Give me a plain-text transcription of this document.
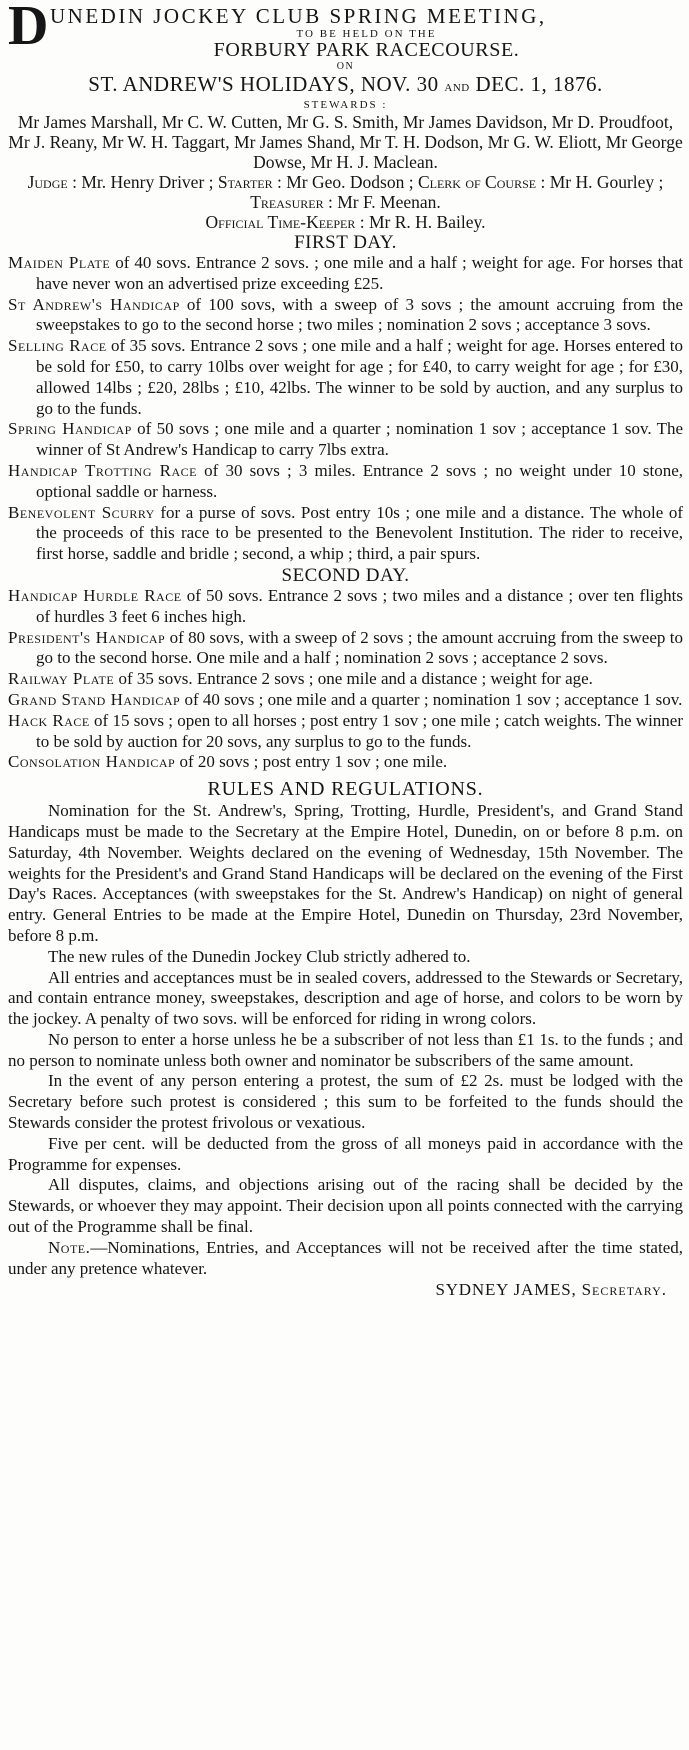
D UNEDIN JOCKEY CLUB SPRING MEETING,
TO BE HELD ON THE
FORBURY PARK RACECOURSE.
ON
ST. ANDREW'S HOLIDAYS, NOV. 30 and DEC. 1, 1876.
STEWARDS :
Mr James Marshall, Mr C. W. Cutten, Mr G. S. Smith, Mr James Davidson, Mr D. Proudfoot, Mr J. Reany, Mr W. H. Taggart, Mr James Shand, Mr T. H. Dodson, Mr G. W. Eliott, Mr George Dowse, Mr H. J. Maclean.
Judge : Mr. Henry Driver ; Starter : Mr Geo. Dodson ; Clerk of Course : Mr H. Gourley ; Treasurer : Mr F. Meenan.
Official Time-Keeper : Mr R. H. Bailey.
FIRST DAY.

Maiden Plate of 40 sovs. Entrance 2 sovs. ; one mile and a half ; weight for age. For horses that have never won an advertised prize exceeding £25.

St Andrew's Handicap of 100 sovs, with a sweep of 3 sovs ; the amount accruing from the sweepstakes to go to the second horse ; two miles ; nomination 2 sovs ; acceptance 3 sovs.

Selling Race of 35 sovs. Entrance 2 sovs ; one mile and a half ; weight for age. Horses entered to be sold for £50, to carry 10lbs over weight for age ; for £40, to carry weight for age ; for £30, allowed 14lbs ; £20, 28lbs ; £10, 42lbs. The winner to be sold by auction, and any surplus to go to the funds.

Spring Handicap of 50 sovs ; one mile and a quarter ; nomination 1 sov ; acceptance 1 sov. The winner of St Andrew's Handicap to carry 7lbs extra.

Handicap Trotting Race of 30 sovs ; 3 miles. Entrance 2 sovs ; no weight under 10 stone, optional saddle or harness.

Benevolent Scurry for a purse of sovs. Post entry 10s ; one mile and a distance. The whole of the proceeds of this race to be presented to the Benevolent Institution. The rider to receive, first horse, saddle and bridle ; second, a whip ; third, a pair spurs.

SECOND DAY.

Handicap Hurdle Race of 50 sovs. Entrance 2 sovs ; two miles and a distance ; over ten flights of hurdles 3 feet 6 inches high.

President's Handicap of 80 sovs, with a sweep of 2 sovs ; the amount accruing from the sweep to go to the second horse. One mile and a half ; nomination 2 sovs ; acceptance 2 sovs.

Railway Plate of 35 sovs. Entrance 2 sovs ; one mile and a distance ; weight for age.

Grand Stand Handicap of 40 sovs ; one mile and a quarter ; nomination 1 sov ; acceptance 1 sov.

Hack Race of 15 sovs ; open to all horses ; post entry 1 sov ; one mile ; catch weights. The winner to be sold by auction for 20 sovs, any surplus to go to the funds.

Consolation Handicap of 20 sovs ; post entry 1 sov ; one mile.

RULES AND REGULATIONS.

Nomination for the St. Andrew's, Spring, Trotting, Hurdle, President's, and Grand Stand Handicaps must be made to the Secretary at the Empire Hotel, Dunedin, on or before 8 p.m. on Saturday, 4th November. Weights declared on the evening of Wednesday, 15th November. The weights for the President's and Grand Stand Handicaps will be declared on the evening of the First Day's Races. Acceptances (with sweepstakes for the St. Andrew's Handicap) on night of general entry. General Entries to be made at the Empire Hotel, Dunedin on Thursday, 23rd November, before 8 p.m.

The new rules of the Dunedin Jockey Club strictly adhered to.

All entries and acceptances must be in sealed covers, addressed to the Stewards or Secretary, and contain entrance money, sweepstakes, description and age of horse, and colors to be worn by the jockey. A penalty of two sovs. will be enforced for riding in wrong colors.

No person to enter a horse unless he be a subscriber of not less than £1 1s. to the funds ; and no person to nominate unless both owner and nominator be subscribers of the same amount.

In the event of any person entering a protest, the sum of £2 2s. must be lodged with the Secretary before such protest is considered ; this sum to be forfeited to the funds should the Stewards consider the protest frivolous or vexatious.

Five per cent. will be deducted from the gross of all moneys paid in accordance with the Programme for expenses.

All disputes, claims, and objections arising out of the racing shall be decided by the Stewards, or whoever they may appoint. Their decision upon all points connected with the carrying out of the Programme shall be final.

Note.—Nominations, Entries, and Acceptances will not be received after the time stated, under any pretence whatever.

SYDNEY JAMES, Secretary.
